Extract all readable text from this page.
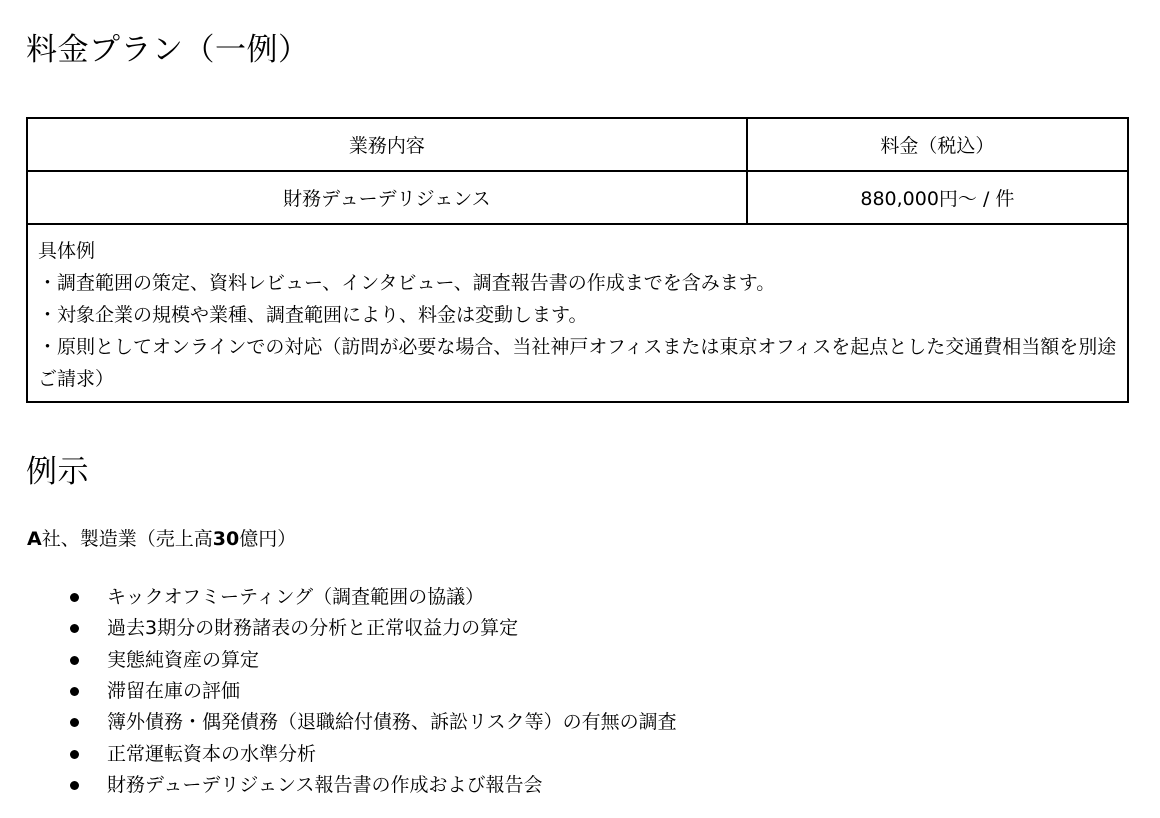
料金プラン（一例）
業務内容	料金（税込）
財務デューデリジェンス	880,000円～ / 件

具体例
・調査範囲の策定、資料レビュー、インタビュー、調査報告書の作成までを含みます。
・対象企業の規模や業種、調査範囲により、料金は変動します。
・原則としてオンラインでの対応（訪問が必要な場合、当社神戸オフィスまたは東京オフィスを起点とした交通費相当額を別途ご請求）	
例示
A社、製造業（売上高30億円）
キックオフミーティング（調査範囲の協議）
過去3期分の財務諸表の分析と正常収益力の算定
実態純資産の算定
滞留在庫の評価
簿外債務・偶発債務（退職給付債務、訴訟リスク等）の有無の調査
正常運転資本の水準分析
財務デューデリジェンス報告書の作成および報告会
